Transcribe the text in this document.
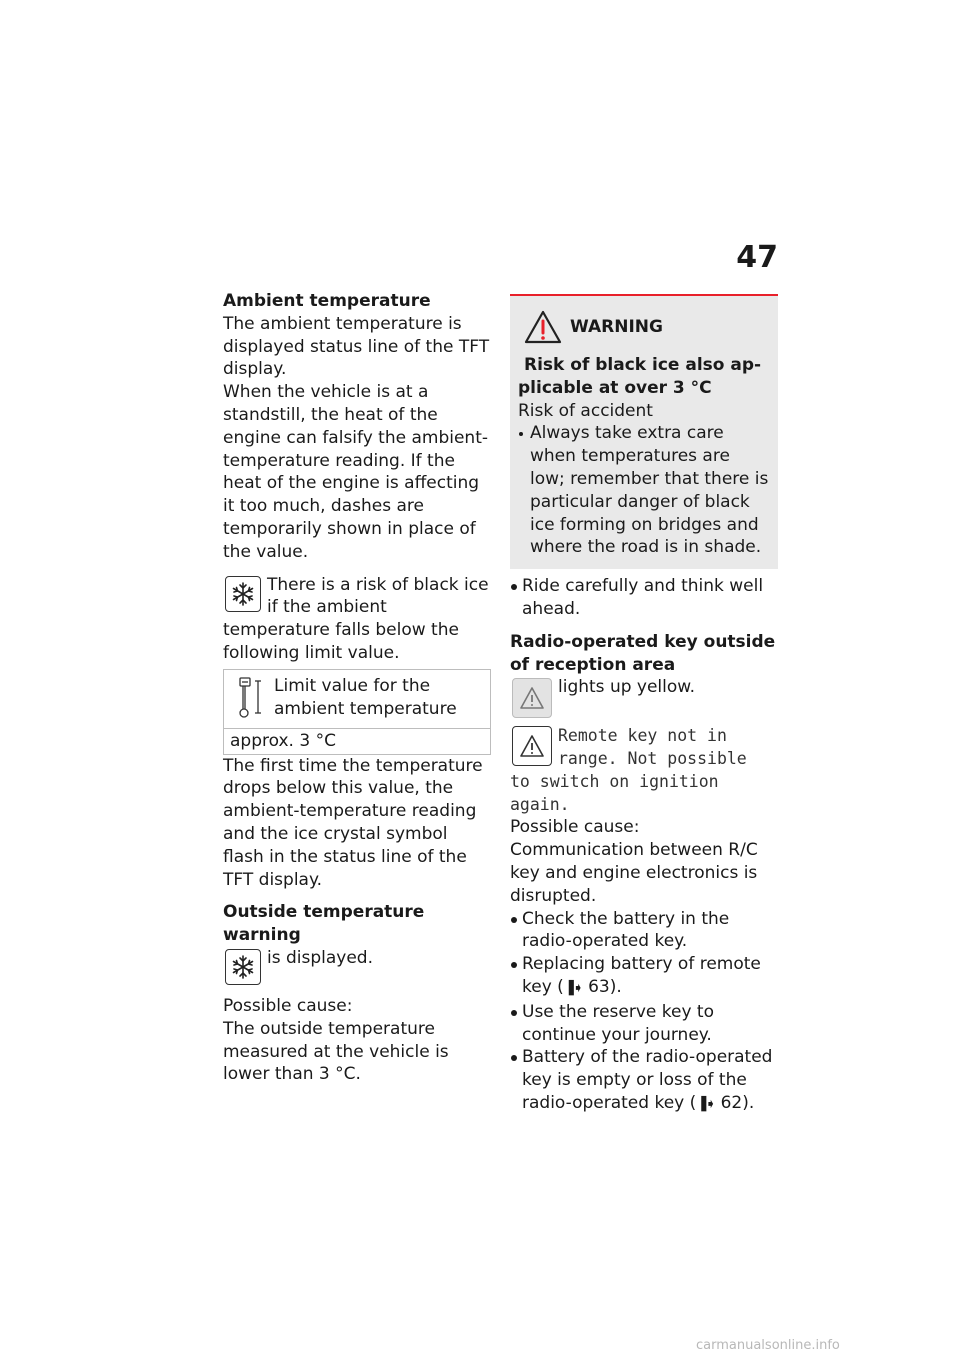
47

Ambient temperature

The ambient temperature is displayed status line of the TFT display.

When the vehicle is at a standstill, the heat of the engine can falsify the ambient-temperature reading. If the heat of the engine is affecting it too much, dashes are temporarily shown in place of the value.

There is a risk of black ice if the ambient temperature falls below the following limit value.
Limit value for the ambient temperature
approx. 3 °C

The first time the temperature drops below this value, the ambient-temperature reading and the ice crystal symbol flash in the status line of the TFT display.

Outside temperature warning

is displayed.

Possible cause:

The outside temperature measured at the vehicle is lower than 3 °C.

WARNING

Risk of black ice also ap-

plicable at over 3 °C

Risk of accident

Always take extra care when temperatures are low; remember that there is particular danger of black ice forming on bridges and where the road is in shade.
Ride carefully and think well ahead.

Radio-operated key outside of reception area

lights up yellow.
Remote key not in
range. Not possible
to switch on ignition
again.

Possible cause:

Communication between R/C key and engine electronics is disrupted.

Check the battery in the radio-operated key.
Replacing battery of remote key (▐➧ 63).
Use the reserve key to continue your journey.
Battery of the radio-operated key is empty or loss of the radio-operated key (▐➧ 62).
carmanualsonline.info
